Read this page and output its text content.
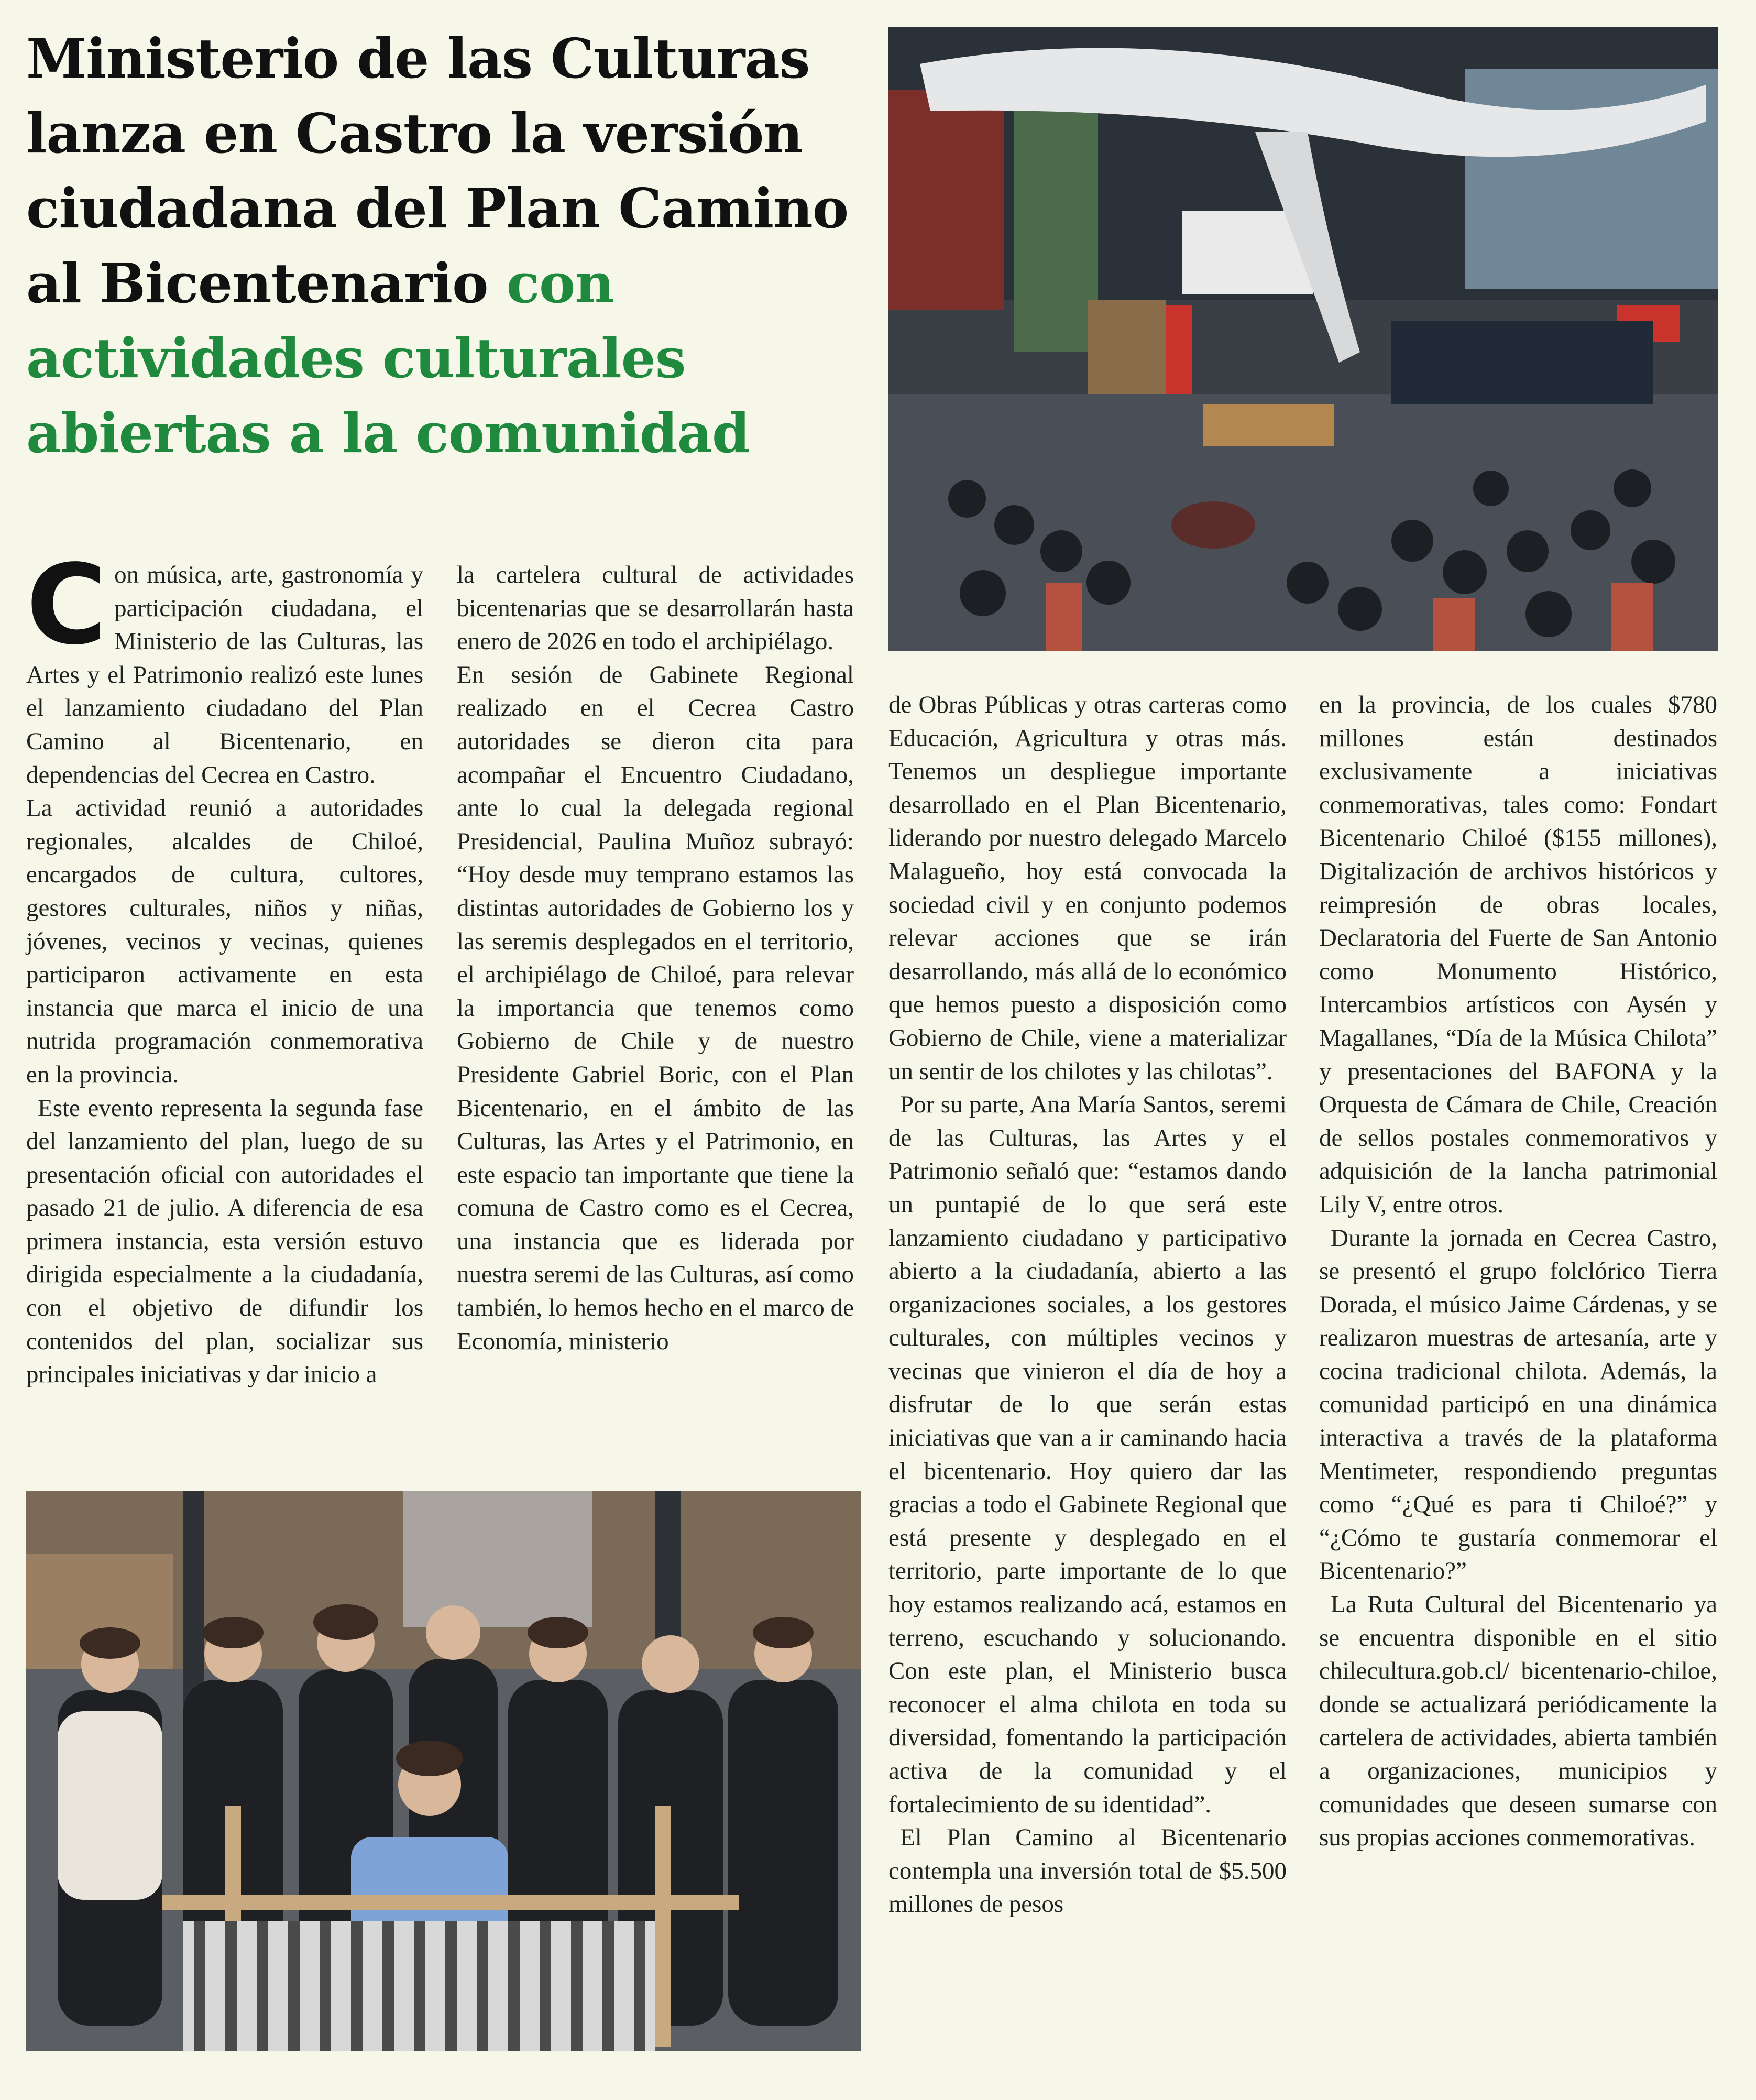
Ministerio de las Culturas lanza en Castro la versión ciudadana del Plan Camino al Bicentenario con actividades culturales abiertas a la comunidad

Con música, arte, gastronomía y participación ciudadana, el Ministerio de las Culturas, las Artes y el Patrimonio realizó este lunes el lanzamiento ciudadano del Plan Camino al Bicentenario, en dependencias del Cecrea en Castro.

La actividad reunió a autoridades regionales, alcaldes de Chiloé, encargados de cultura, cultores, gestores culturales, niños y niñas, jóvenes, vecinos y vecinas, quienes participaron activamente en esta instancia que marca el inicio de una nutrida programación conmemorativa en la provincia.

Este evento representa la segunda fase del lanzamiento del plan, luego de su presentación oficial con autoridades el pasado 21 de julio. A diferencia de esa primera instancia, esta versión estuvo dirigida especialmente a la ciudadanía, con el objetivo de difundir los contenidos del plan, socializar sus principales iniciativas y dar inicio a

la cartelera cultural de actividades bicentenarias que se desarrollarán hasta enero de 2026 en todo el archipiélago.

En sesión de Gabinete Regional realizado en el Cecrea Castro autoridades se dieron cita para acompañar el Encuentro Ciudadano, ante lo cual la delegada regional Presidencial, Paulina Muñoz subrayó: “Hoy desde muy temprano estamos las distintas autoridades de Gobierno los y las seremis desplegados en el territorio, el archipiélago de Chiloé, para relevar la importancia que tenemos como Gobierno de Chile y de nuestro Presidente Gabriel Boric, con el Plan Bicentenario, en el ámbito de las Culturas, las Artes y el Patrimonio, en este espacio tan importante que tiene la comuna de Castro como es el Cecrea, una instancia que es liderada por nuestra seremi de las Culturas, así como también, lo hemos hecho en el marco de Economía, ministerio

de Obras Públicas y otras carteras como Educación, Agricultura y otras más. Tenemos un despliegue importante desarrollado en el Plan Bicentenario, liderando por nuestro delegado Marcelo Malagueño, hoy está convocada la sociedad civil y en conjunto podemos relevar acciones que se irán desarrollando, más allá de lo económico que hemos puesto a disposición como Gobierno de Chile, viene a materializar un sentir de los chilotes y las chilotas”.

Por su parte, Ana María Santos, seremi de las Culturas, las Artes y el Patrimonio señaló que: “estamos dando un puntapié de lo que será este lanzamiento ciudadano y participativo abierto a la ciudadanía, abierto a las organizaciones sociales, a los gestores culturales, con múltiples vecinos y vecinas que vinieron el día de hoy a disfrutar de lo que serán estas iniciativas que van a ir caminando hacia el bicentenario. Hoy quiero dar las gracias a todo el Gabinete Regional que está presente y desplegado en el territorio, parte importante de lo que hoy estamos realizando acá, estamos en terreno, escuchando y solucionando. Con este plan, el Ministerio busca reconocer el alma chilota en toda su diversidad, fomentando la participación activa de la comunidad y el fortalecimiento de su identidad”.

El Plan Camino al Bicentenario contempla una inversión total de $5.500 millones de pesos

en la provincia, de los cuales $780 millones están destinados exclusivamente a iniciativas conmemorativas, tales como: Fondart Bicentenario Chiloé ($155 millones), Digitalización de archivos históricos y reimpresión de obras locales, Declaratoria del Fuerte de San Antonio como Monumento Histórico, Intercambios artísticos con Aysén y Magallanes, “Día de la Música Chilota” y presentaciones del BAFONA y la Orquesta de Cámara de Chile, Creación de sellos postales conmemorativos y adquisición de la lancha patrimonial Lily V, entre otros.

Durante la jornada en Cecrea Castro, se presentó el grupo folclórico Tierra Dorada, el músico Jaime Cárdenas, y se realizaron muestras de artesanía, arte y cocina tradicional chilota. Además, la comunidad participó en una dinámica interactiva a través de la plataforma Mentimeter, respondiendo preguntas como “¿Qué es para ti Chiloé?” y “¿Cómo te gustaría conmemorar el Bicentenario?”

La Ruta Cultural del Bicentenario ya se encuentra disponible en el sitio chilecultura.gob.cl/ bicentenario-chiloe, donde se actualizará periódicamente la cartelera de actividades, abierta también a organizaciones, municipios y comunidades que deseen sumarse con sus propias acciones conmemorativas.
